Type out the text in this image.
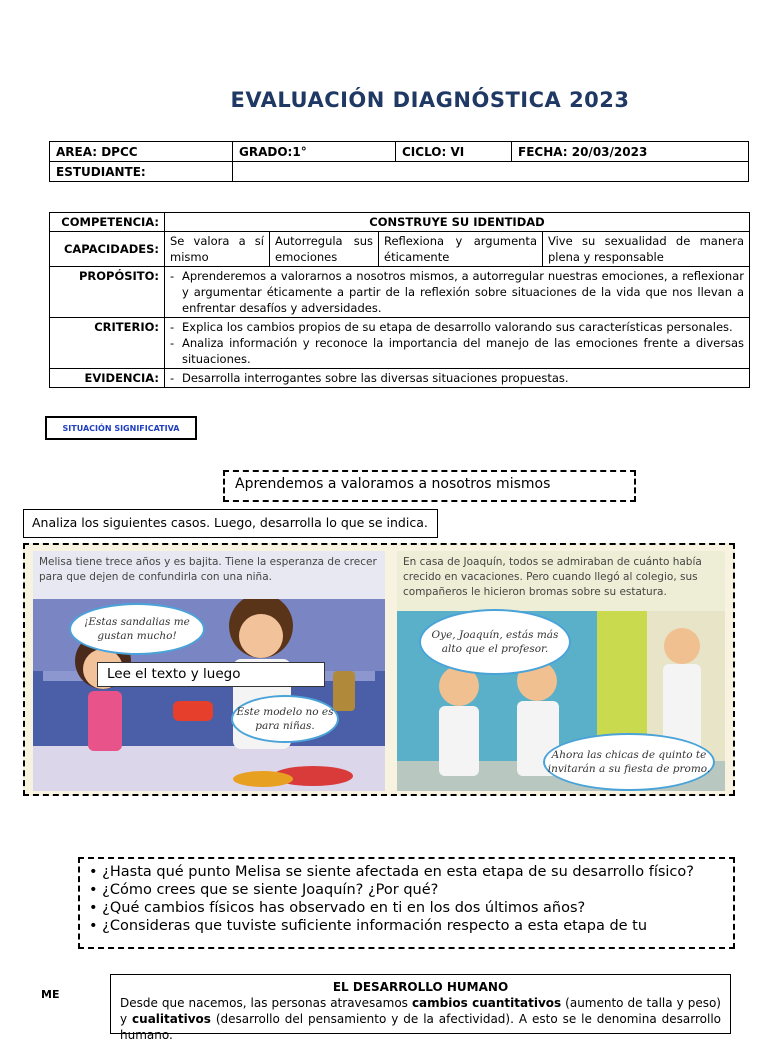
EVALUACIÓN DIAGNÓSTICA 2023
AREA: DPCC	GRADO:1°	CICLO: VI	FECHA: 20/03/2023
ESTUDIANTE:			
COMPETENCIA:	CONSTRUYE SU IDENTIDAD			
CAPACIDADES:	Se valora a sí mismo	Autorregula sus emociones	Reflexiona y argumenta éticamente	Vive su sexualidad de manera plena y responsable
PROPÓSITO:	- Aprenderemos a valorarnos a nosotros mismos, a autorregular nuestras emociones, a reflexionar y argumentar éticamente a partir de la reflexión sobre situaciones de la vida que nos llevan a enfrentar desafíos y adversidades.			

CRITERIO:	- Explica los cambios propios de su etapa de desarrollo valorando sus características personales.
- Analiza información y reconoce la importancia del manejo de las emociones frente a diversas situaciones.			

EVIDENCIA:	- Desarrolla interrogantes sobre las diversas situaciones propuestas.			
SITUACIÓN SIGNIFICATIVA
Aprendemos a valoramos a nosotros mismos
Analiza los siguientes casos. Luego, desarrolla lo que se indica.
Melisa tiene trece años y es bajita. Tiene la esperanza de crecer para que dejen de confundirla con una niña.
¡Estas sandalias me gustan mucho!
Este modelo no es para niñas.
En casa de Joaquín, todos se admiraban de cuánto había crecido en vacaciones. Pero cuando llegó al colegio, sus compañeros le hicieron bromas sobre su estatura.
Oye, Joaquín, estás más alto que el profesor.
Ahora las chicas de quinto te invitarán a su fiesta de promo.
Lee el texto y luego
• ¿Hasta qué punto Melisa se siente afectada en esta etapa de su desarrollo físico?
• ¿Cómo crees que se siente Joaquín? ¿Por qué?
• ¿Qué cambios físicos has observado en ti en los dos últimos años?
• ¿Consideras que tuviste suficiente información respecto a esta etapa de tu
ME
EL DESARROLLO HUMANO
Desde que nacemos, las personas atravesamos cambios cuantitativos (aumento de talla y peso) y cualitativos (desarrollo del pensamiento y de la afectividad). A esto se le denomina desarrollo humano.
